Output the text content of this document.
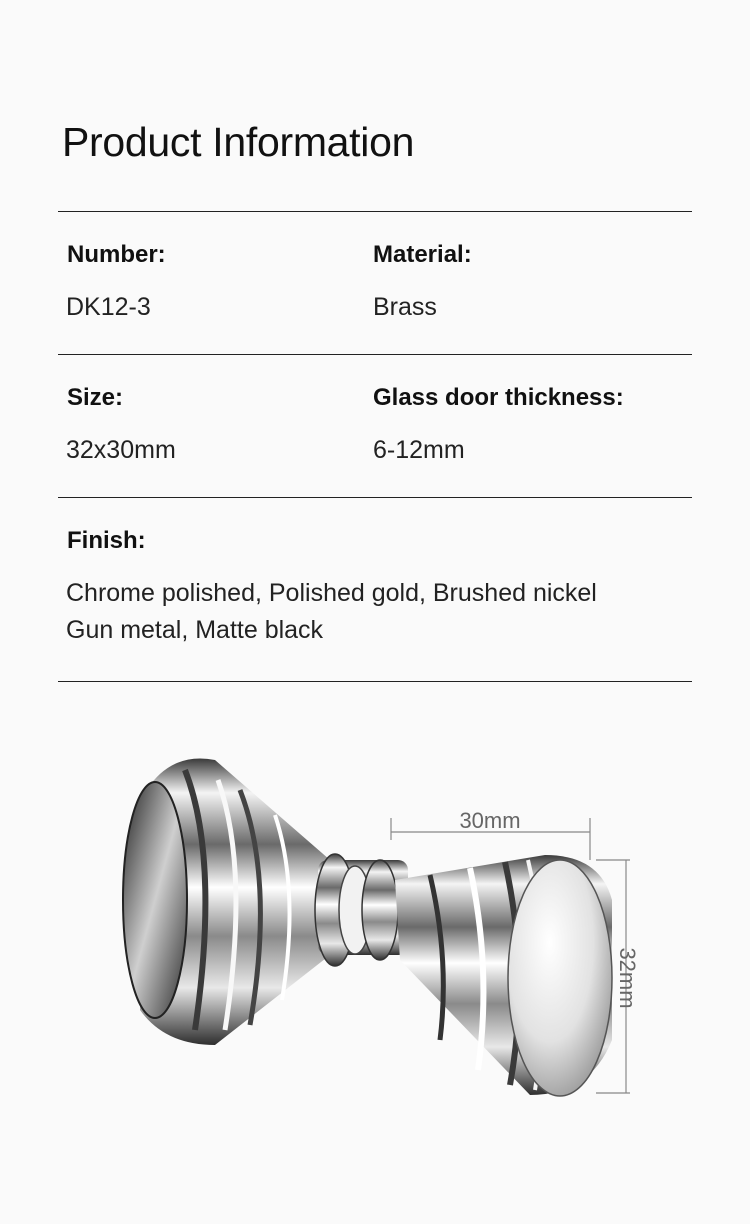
Product Information
Number:
DK12-3
Material:
Brass
Size:
32x30mm
Glass door thickness:
6-12mm
Finish:
Chrome polished, Polished gold, Brushed nickel
Gun metal, Matte black
30mm
32mm
